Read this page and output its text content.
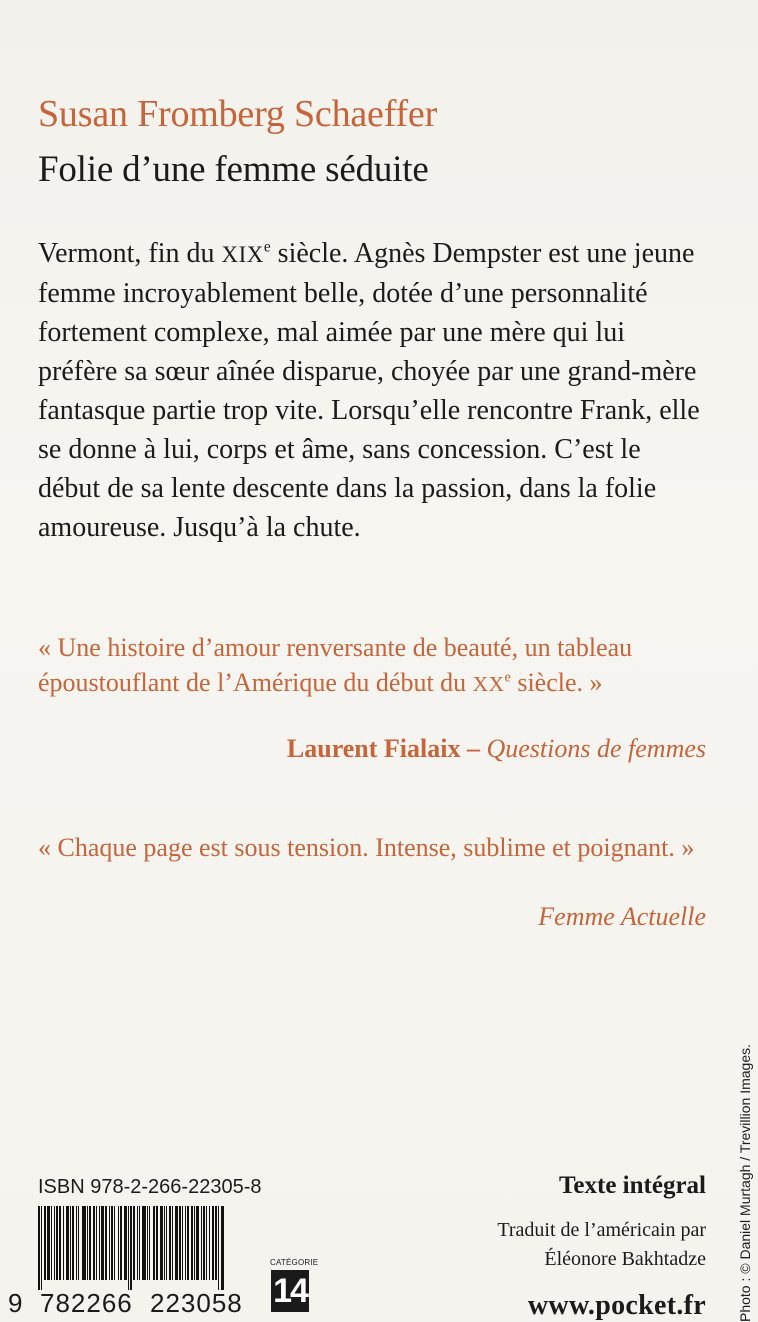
Susan Fromberg Schaeffer
Folie d’une femme séduite

Vermont, fin du XIXe siècle. Agnès Dempster est une jeune femme incroyablement belle, dotée d’une personnalité fortement complexe, mal aimée par une mère qui lui préfère sa sœur aînée disparue, choyée par une grand-mère fantasque partie trop vite. Lorsqu’elle rencontre Frank, elle se donne à lui, corps et âme, sans concession. C’est le début de sa lente descente dans la passion, dans la folie amoureuse. Jusqu’à la chute.

« Une histoire d’amour renversante de beauté, un tableau époustouflant de l’Amérique du début du XXe siècle. »

Laurent Fialaix – Questions de femmes

« Chaque page est sous tension. Intense, sublime et poignant. »

Femme Actuelle
ISBN 978-2-266-22305-8
9 782266 223058
CATÉGORIE
14
Texte intégral
Traduit de l’américain par
Éléonore Bakhtadze
www.pocket.fr Photo : © Daniel Murtagh / Trevillion Images.
